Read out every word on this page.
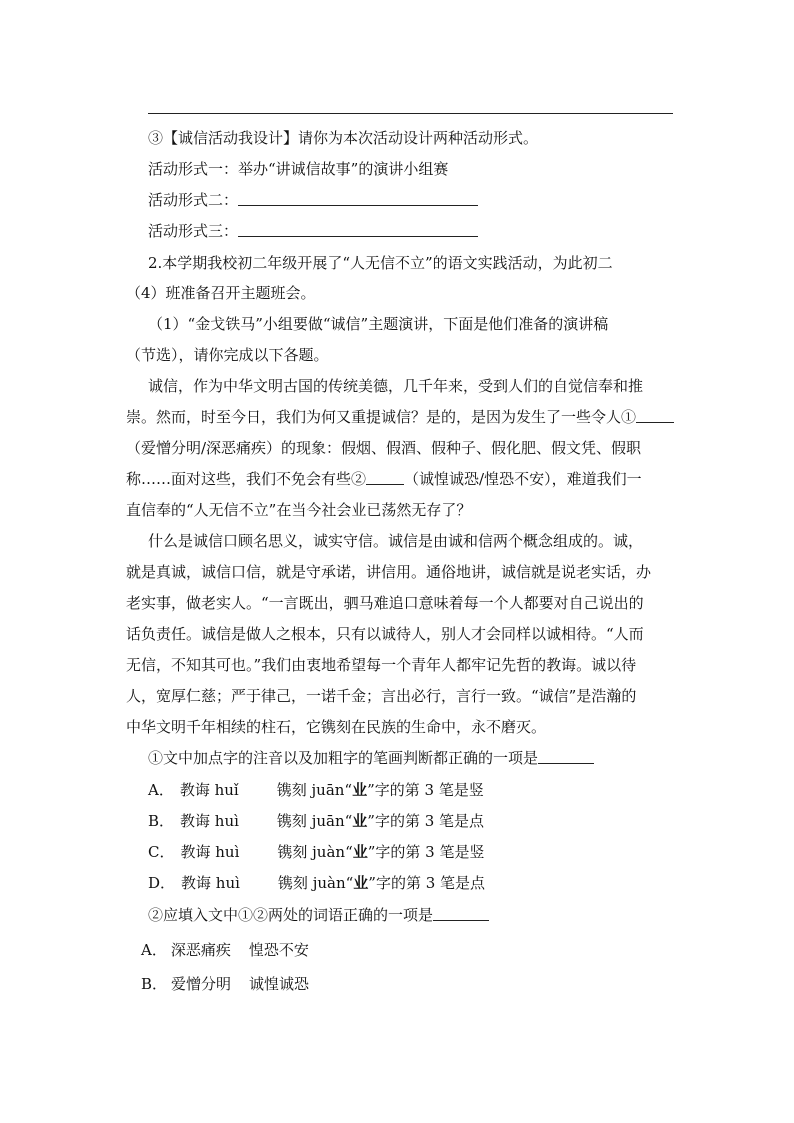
③【诚信活动我设计】请你为本次活动设计两种活动形式。
活动形式一：举办“讲诚信故事”的演讲小组赛
活动形式二：
活动形式三：
2.本学期我校初二年级开展了“人无信不立”的语文实践活动，为此初二
（4）班准备召开主题班会。
（1）“金戈铁马”小组要做“诚信”主题演讲，下面是他们准备的演讲稿
（节选），请你完成以下各题。
诚信，作为中华文明古国的传统美德，几千年来，受到人们的自觉信奉和推
崇。然而，时至今日，我们为何又重提诚信？是的，是因为发生了一些令人①
（爱憎分明/深恶痛疾）的现象：假烟、假酒、假种子、假化肥、假文凭、假职
称……面对这些，我们不免会有些②	（诚惶诚恐/惶恐不安），难道我们一
直信奉的“人无信不立”在当今社会业已荡然无存了？
什么是诚信口顾名思义，诚实守信。诚信是由诚和信两个概念组成的。诚，
就是真诚，诚信口信，就是守承诺，讲信用。通俗地讲，诚信就是说老实话，办
老实事，做老实人。“一言既出，驷马难追口意味着每一个人都要对自己说出的
话负责任。诚信是做人之根本，只有以诚待人，别人才会同样以诚相待。“人而
无信，不知其可也。”我们由衷地希望每一个青年人都牢记先哲的教诲。诚以待
人，宽厚仁慈；严于律己，一诺千金；言出必行，言行一致。“诚信”是浩瀚的
中华文明千年相续的柱石，它镌刻在民族的生命中，永不磨灭。
①文中加点字的注音以及加粗字的笔画判断都正确的一项是
A． 教诲 huǐ	镌刻 juān“业”字的第 3 笔是竖
B． 教诲 huì	镌刻 juān“业”字的第 3 笔是点
C． 教诲 huì	镌刻 juàn“业”字的第 3 笔是竖
D． 教诲 huì	镌刻 juàn“业”字的第 3 笔是点
②应填入文中①②两处的词语正确的一项是
A． 深恶痛疾 惶恐不安
B． 爱憎分明 诚惶诚恐
